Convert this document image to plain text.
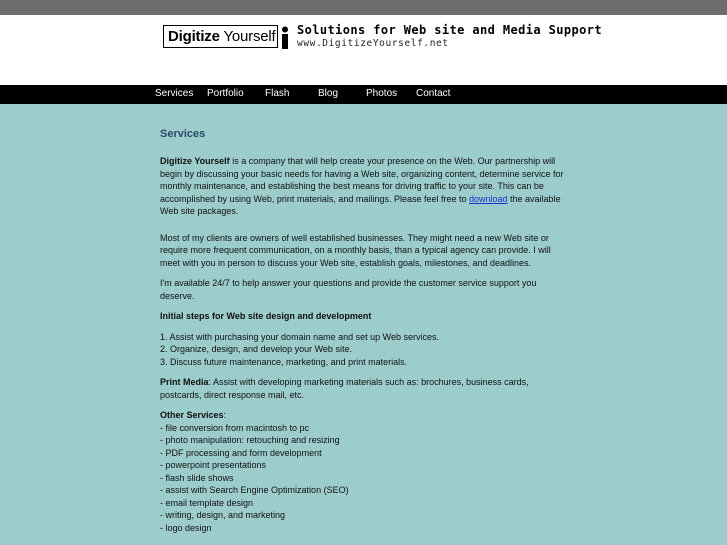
Digitize Yourself Solutions for Web site and Media Support
www.DigitizeYourself.net
Services Portfolio Flash	Blog	Photos Contact
Services

Digitize Yourself is a company that will help create your presence on the Web. Our partnership will begin by discussing your basic needs for having a Web site, organizing content, determine service for monthly maintenance, and establishing the best means for driving traffic to your site. This can be accomplished by using Web, print materials, and mailings. Please feel free to download the available Web site packages.

Most of my clients are owners of well established businesses. They might need a new Web site or require more frequent communication, on a monthly basis, than a typical agency can provide. I will meet with you in person to discuss your Web site, establish goals, milestones, and deadlines.

I'm available 24/7 to help answer your questions and provide the customer service support you deserve.

Initial steps for Web site design and development

1. Assist with purchasing your domain name and set up Web services.
2. Organize, design, and develop your Web site.
3. Discuss future maintenance, marketing, and print materials.

Print Media: Assist with developing marketing materials such as: brochures, business cards, postcards, direct response mail, etc.

Other Services:
- file conversion from macintosh to pc
- photo manipulation: retouching and resizing
- PDF processing and form development
- powerpoint presentations
- flash slide shows
- assist with Search Engine Optimization (SEO)
- email template design
- writing, design, and marketing
- logo design
